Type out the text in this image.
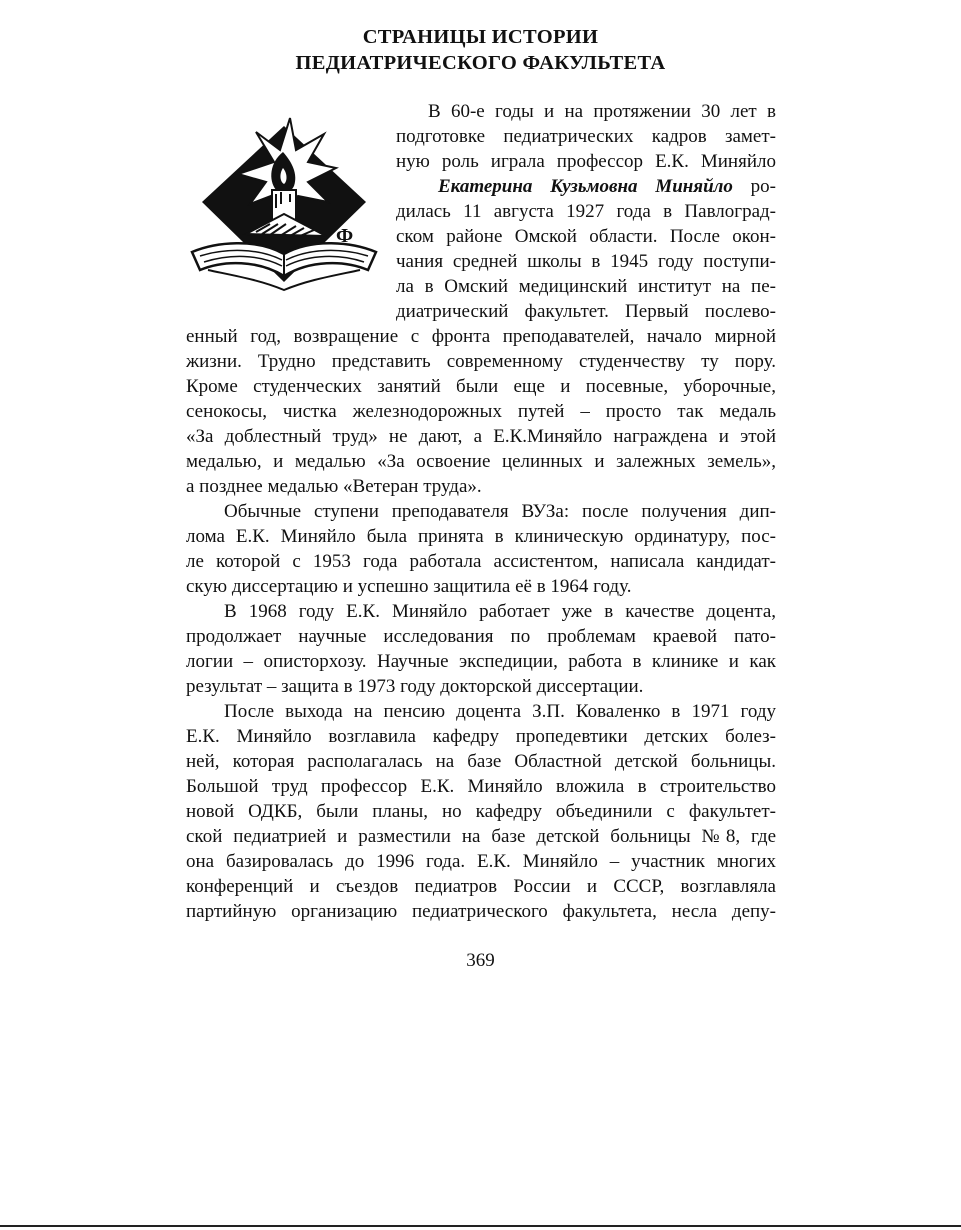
СТРАНИЦЫ ИСТОРИИ
ПЕДИАТРИЧЕСКОГО ФАКУЛЬТЕТА
Ф
В 60-е годы и на протяжении 30 лет в
подготовке педиатрических кадров замет-
ную роль играла профессор Е.К. Миняйло
Екатерина Кузьмовна Миняйло ро-
дилась 11 августа 1927 года в Павлоград-
ском районе Омской области. После окон-
чания средней школы в 1945 году поступи-
ла в Омский медицинский институт на пе-
диатрический факультет. Первый послево-
енный год, возвращение с фронта преподавателей, начало мирной
жизни. Трудно представить современному студенчеству ту пору.
Кроме студенческих занятий были еще и посевные, уборочные,
сенокосы, чистка железнодорожных путей – просто так медаль
«За доблестный труд» не дают, а Е.К.Миняйло награждена и этой
медалью, и медалью «За освоение целинных и залежных земель»,
а позднее медалью «Ветеран труда».
Обычные ступени преподавателя ВУЗа: после получения дип-
лома Е.К. Миняйло была принята в клиническую ординатуру, пос-
ле которой с 1953 года работала ассистентом, написала кандидат-
скую диссертацию и успешно защитила её в 1964 году.
В 1968 году Е.К. Миняйло работает уже в качестве доцента,
продолжает научные исследования по проблемам краевой пато-
логии – описторхозу. Научные экспедиции, работа в клинике и как
результат – защита в 1973 году докторской диссертации.
После выхода на пенсию доцента З.П. Коваленко в 1971 году
Е.К. Миняйло возглавила кафедру пропедевтики детских болез-
ней, которая располагалась на базе Областной детской больницы.
Большой труд профессор Е.К. Миняйло вложила в строительство
новой ОДКБ, были планы, но кафедру объединили с факультет-
ской педиатрией и разместили на базе детской больницы №8, где
она базировалась до 1996 года. Е.К. Миняйло – участник многих
конференций и съездов педиатров России и СССР, возглавляла
партийную организацию педиатрического факультета, несла депу-
369
